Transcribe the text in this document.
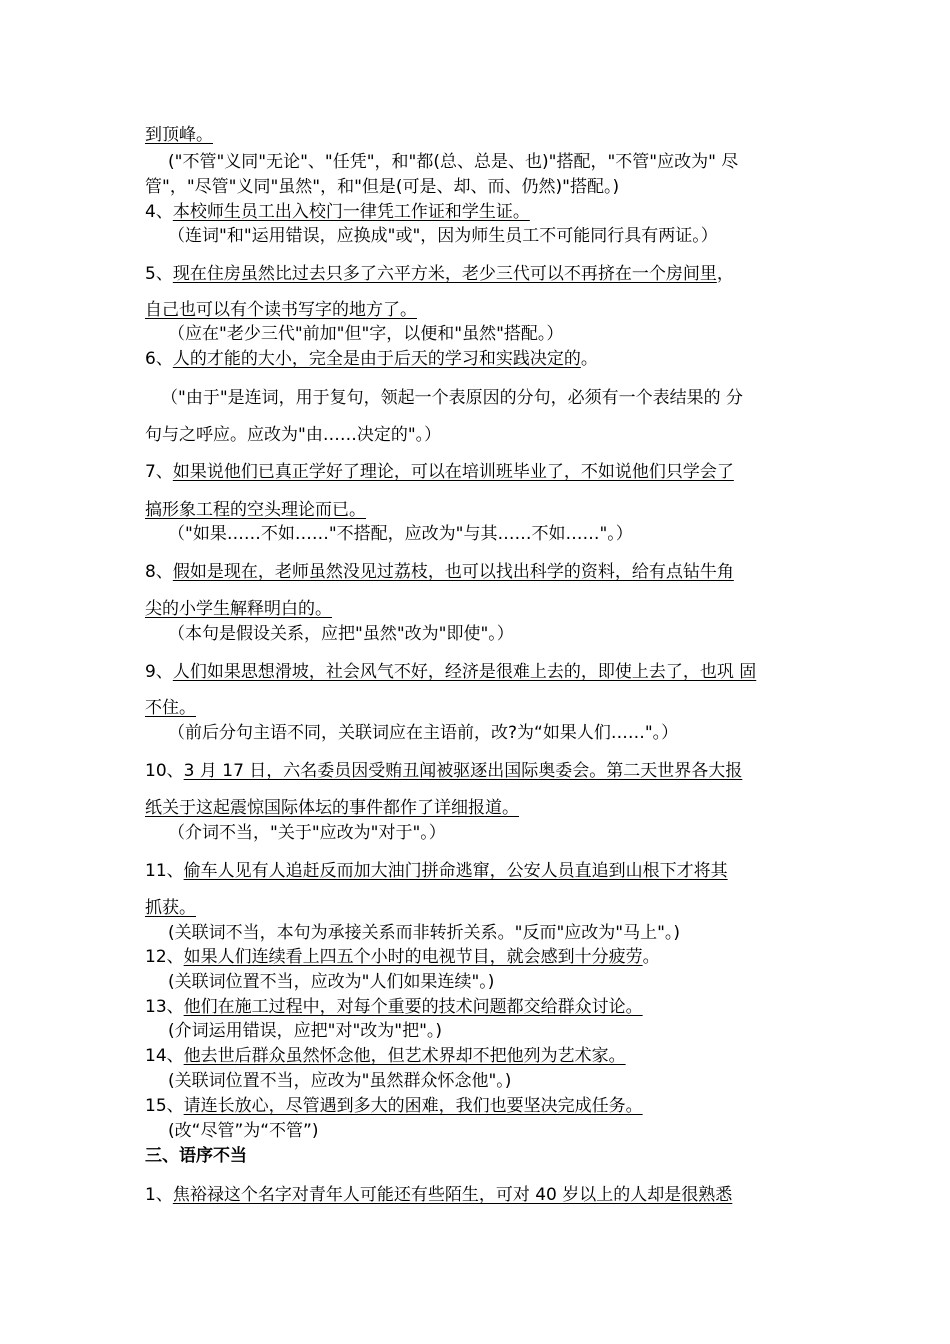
到顶峰。
("不管"义同"无论"、"任凭"，和"都(总、总是、也)"搭配，"不管"应改为" 尽
管"，"尽管"义同"虽然"，和"但是(可是、却、而、仍然)"搭配。)
4、本校师生员工出入校门一律凭工作证和学生证。
（连词"和"运用错误，应换成"或"，因为师生员工不可能同行具有两证。）
5、现在住房虽然比过去只多了六平方米，老少三代可以不再挤在一个房间里，
自己也可以有个读书写字的地方了。
（应在"老少三代"前加"但"字，以便和"虽然"搭配。）
6、人的才能的大小，完全是由于后天的学习和实践决定的。
（"由于"是连词，用于复句，领起一个表原因的分句，必须有一个表结果的 分
句与之呼应。应改为"由……决定的"。）
7、如果说他们已真正学好了理论，可以在培训班毕业了，不如说他们只学会了
搞形象工程的空头理论而已。
（"如果……不如……"不搭配，应改为"与其……不如……"。）
8、假如是现在，老师虽然没见过荔枝，也可以找出科学的资料，给有点钻牛角
尖的小学生解释明白的。
（本句是假设关系，应把"虽然"改为"即使"。）
9、人们如果思想滑坡，社会风气不好，经济是很难上去的，即使上去了，也巩 固
不住。
（前后分句主语不同，关联词应在主语前，改?为“如果人们……"。）
10、3 月 17 日，六名委员因受贿丑闻被驱逐出国际奥委会。第二天世界各大报
纸关于这起震惊国际体坛的事件都作了详细报道。
（介词不当，"关于"应改为"对于"。）
11、偷车人见有人追赶反而加大油门拼命逃窜，公安人员直追到山根下才将其
抓获。
(关联词不当，本句为承接关系而非转折关系。"反而"应改为"马上"。)
12、如果人们连续看上四五个小时的电视节目，就会感到十分疲劳。
(关联词位置不当，应改为"人们如果连续"。)
13、他们在施工过程中，对每个重要的技术问题都交给群众讨论。
(介词运用错误，应把"对"改为"把"。)
14、他去世后群众虽然怀念他，但艺术界却不把他列为艺术家。
(关联词位置不当，应改为"虽然群众怀念他"。)
15、请连长放心，尽管遇到多大的困难，我们也要坚决完成任务。
(改“尽管”为“不管”)
三、语序不当
1、焦裕禄这个名字对青年人可能还有些陌生，可对 40 岁以上的人却是很熟悉
